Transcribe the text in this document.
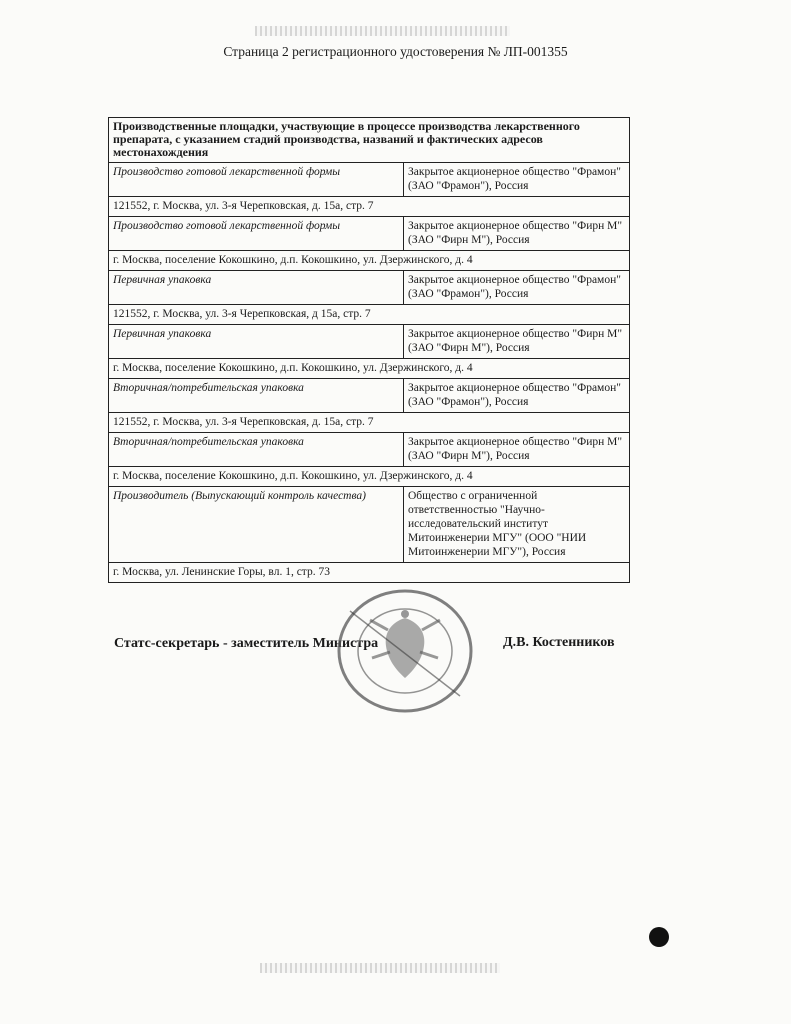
Страница 2 регистрационного удостоверения № ЛП-001355
Производственные площадки, участвующие в процессе производства лекарственного препарата, с указанием стадий производства, названий и фактических адресов местонахождения	
Производство готовой лекарственной формы	Закрытое акционерное общество "Фрамон" (ЗАО "Фрамон"), Россия
121552, г. Москва, ул. 3-я Черепковская, д. 15а, стр. 7	
Производство готовой лекарственной формы	Закрытое акционерное общество "Фирн М" (ЗАО "Фирн М"), Россия
г. Москва, поселение Кокошкино, д.п. Кокошкино, ул. Дзержинского, д. 4	
Первичная упаковка	Закрытое акционерное общество "Фрамон" (ЗАО "Фрамон"), Россия
121552, г. Москва, ул. 3-я Черепковская, д 15а, стр. 7	
Первичная упаковка	Закрытое акционерное общество "Фирн М" (ЗАО "Фирн М"), Россия
г. Москва, поселение Кокошкино, д.п. Кокошкино, ул. Дзержинского, д. 4	
Вторичная/потребительская упаковка	Закрытое акционерное общество "Фрамон" (ЗАО "Фрамон"), Россия
121552, г. Москва, ул. 3-я Черепковская, д. 15а, стр. 7	
Вторичная/потребительская упаковка	Закрытое акционерное общество "Фирн М" (ЗАО "Фирн М"), Россия
г. Москва, поселение Кокошкино, д.п. Кокошкино, ул. Дзержинского, д. 4	
Производитель (Выпускающий контроль качества)	Общество с ограниченной ответственностью "Научно-исследовательский институт Митоинженерии МГУ" (ООО "НИИ Митоинженерии МГУ"), Россия
г. Москва, ул. Ленинские Горы, вл. 1, стр. 73	
Статс-секретарь - заместитель Министра	Д.В. Костенников
